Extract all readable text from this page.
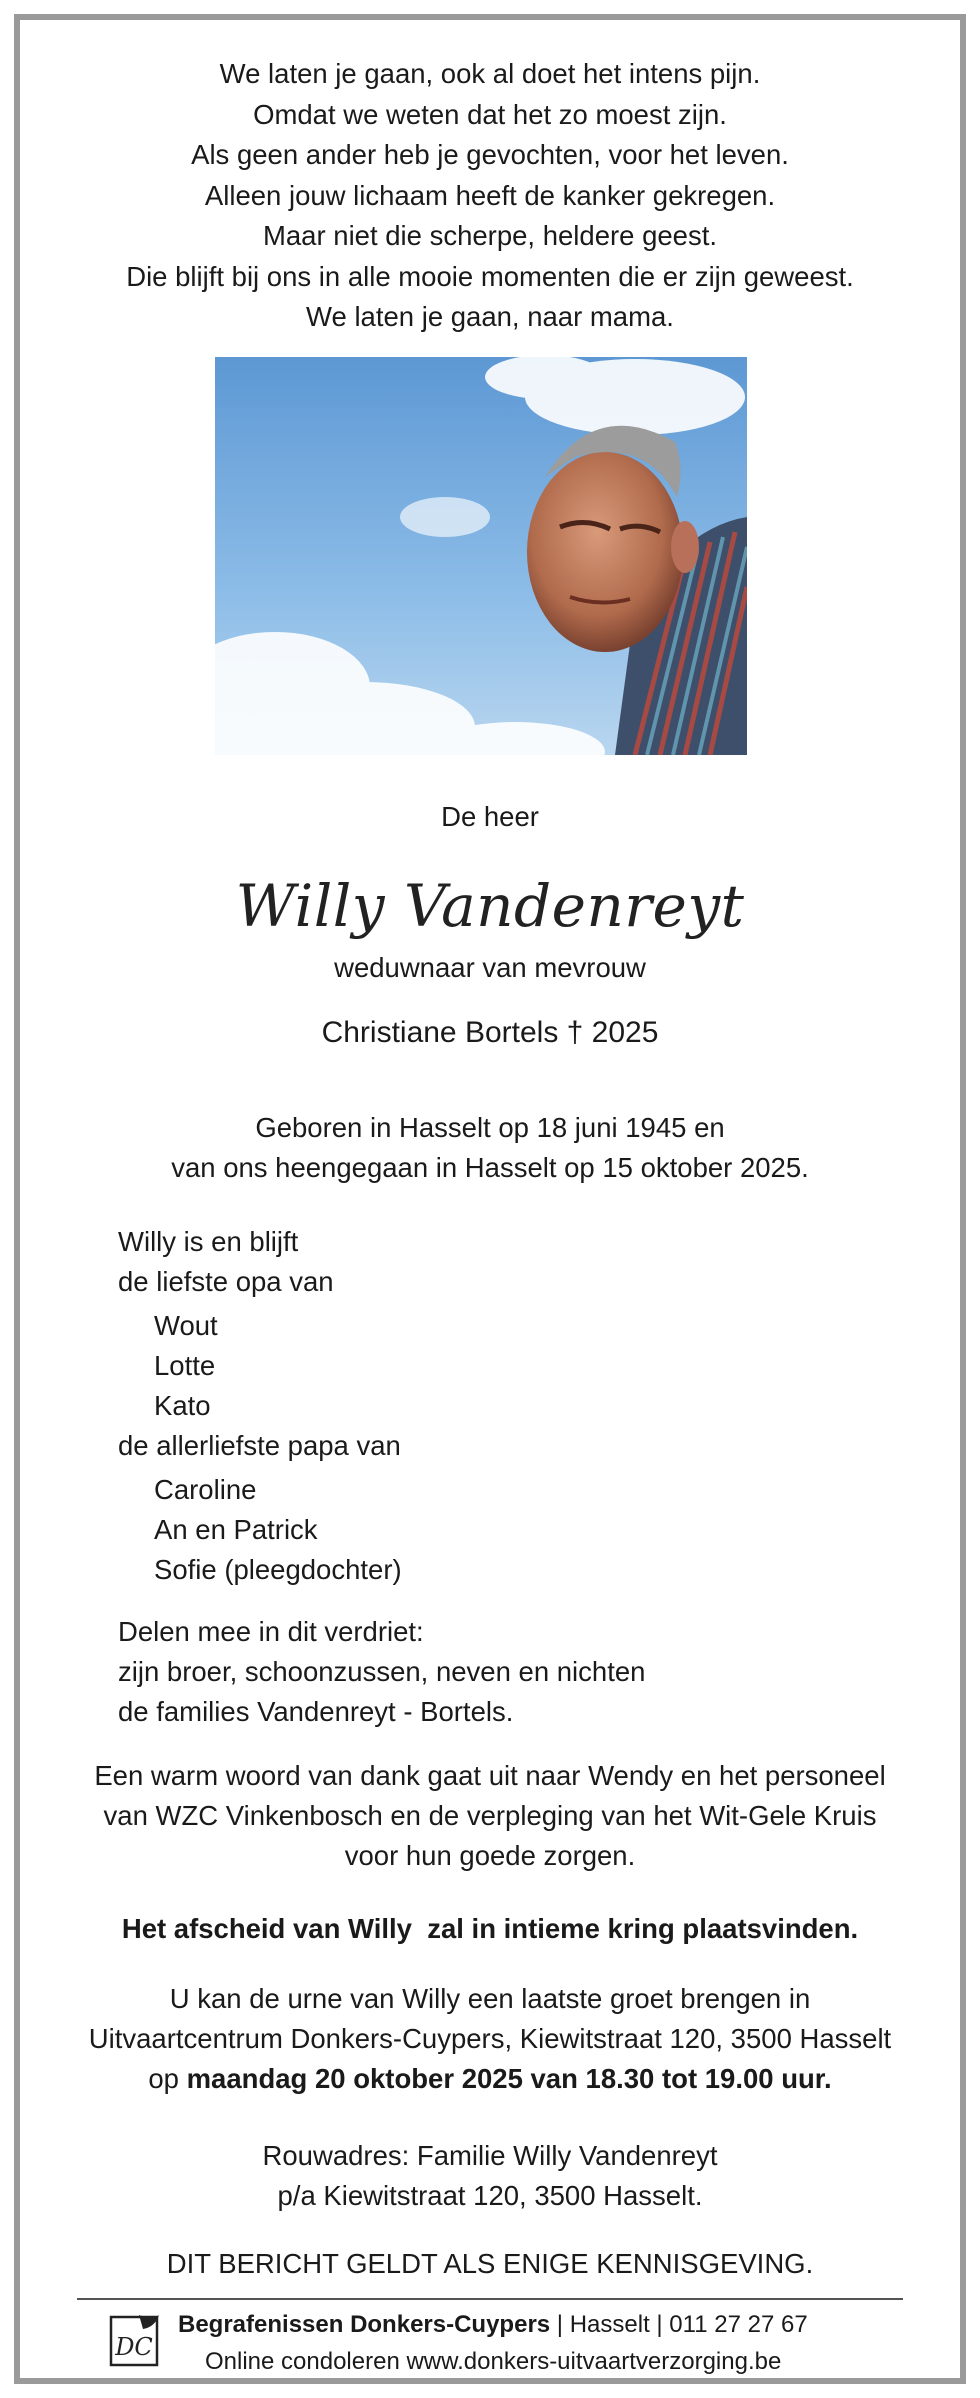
We laten je gaan, ook al doet het intens pijn.
Omdat we weten dat het zo moest zijn.
Als geen ander heb je gevochten, voor het leven.
Alleen jouw lichaam heeft de kanker gekregen.
Maar niet die scherpe, heldere geest.
Die blijft bij ons in alle mooie momenten die er zijn geweest.
We laten je gaan, naar mama.
De heer
Willy Vandenreyt
weduwnaar van mevrouw
Christiane Bortels † 2025
Geboren in Hasselt op 18 juni 1945 en
van ons heengegaan in Hasselt op 15 oktober 2025.
Willy is en blijft
de liefste opa van
Wout
Lotte
Kato
de allerliefste papa van
Caroline
An en Patrick
Sofie (pleegdochter)
Delen mee in dit verdriet:
zijn broer, schoonzussen, neven en nichten
de families Vandenreyt - Bortels.
Een warm woord van dank gaat uit naar Wendy en het personeel
van WZC Vinkenbosch en de verpleging van het Wit-Gele Kruis
voor hun goede zorgen.
Het afscheid van Willy  zal in intieme kring plaatsvinden.
U kan de urne van Willy een laatste groet brengen in
Uitvaartcentrum Donkers-Cuypers, Kiewitstraat 120, 3500 Hasselt
op maandag 20 oktober 2025 van 18.30 tot 19.00 uur.
Rouwadres: Familie Willy Vandenreyt
p/a Kiewitstraat 120, 3500 Hasselt.
DIT BERICHT GELDT ALS ENIGE KENNISGEVING.
DC
Begrafenissen Donkers-Cuypers | Hasselt | 011 27 27 67
Online condoleren www.donkers-uitvaartverzorging.be
